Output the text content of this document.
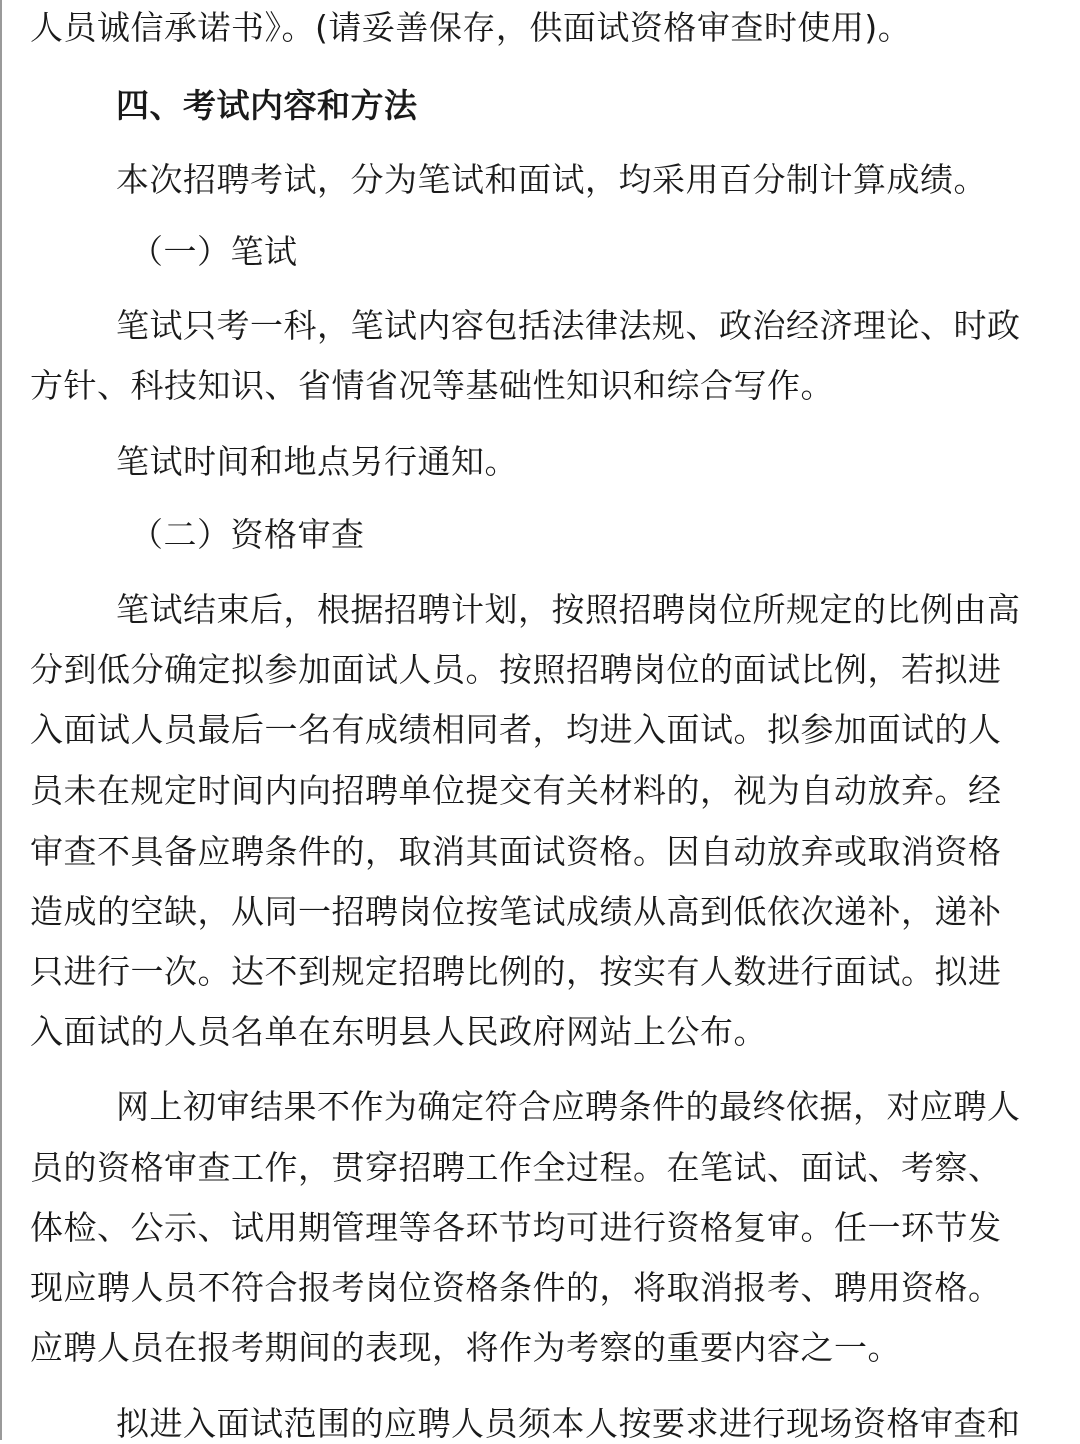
人员诚信承诺书》。(请妥善保存，供面试资格审查时使用)。
四、考试内容和方法
本次招聘考试，分为笔试和面试，均采用百分制计算成绩。
（一）笔试
笔试只考一科，笔试内容包括法律法规、政治经济理论、时政
方针、科技知识、省情省况等基础性知识和综合写作。
笔试时间和地点另行通知。
（二）资格审查
笔试结束后，根据招聘计划，按照招聘岗位所规定的比例由高
分到低分确定拟参加面试人员。按照招聘岗位的面试比例，若拟进
入面试人员最后一名有成绩相同者，均进入面试。拟参加面试的人
员未在规定时间内向招聘单位提交有关材料的，视为自动放弃。经
审查不具备应聘条件的，取消其面试资格。因自动放弃或取消资格
造成的空缺，从同一招聘岗位按笔试成绩从高到低依次递补，递补
只进行一次。达不到规定招聘比例的，按实有人数进行面试。拟进
入面试的人员名单在东明县人民政府网站上公布。
网上初审结果不作为确定符合应聘条件的最终依据，对应聘人
员的资格审查工作，贯穿招聘工作全过程。在笔试、面试、考察、
体检、公示、试用期管理等各环节均可进行资格复审。任一环节发
现应聘人员不符合报考岗位资格条件的，将取消报考、聘用资格。
应聘人员在报考期间的表现，将作为考察的重要内容之一。
拟进入面试范围的应聘人员须本人按要求进行现场资格审查和
